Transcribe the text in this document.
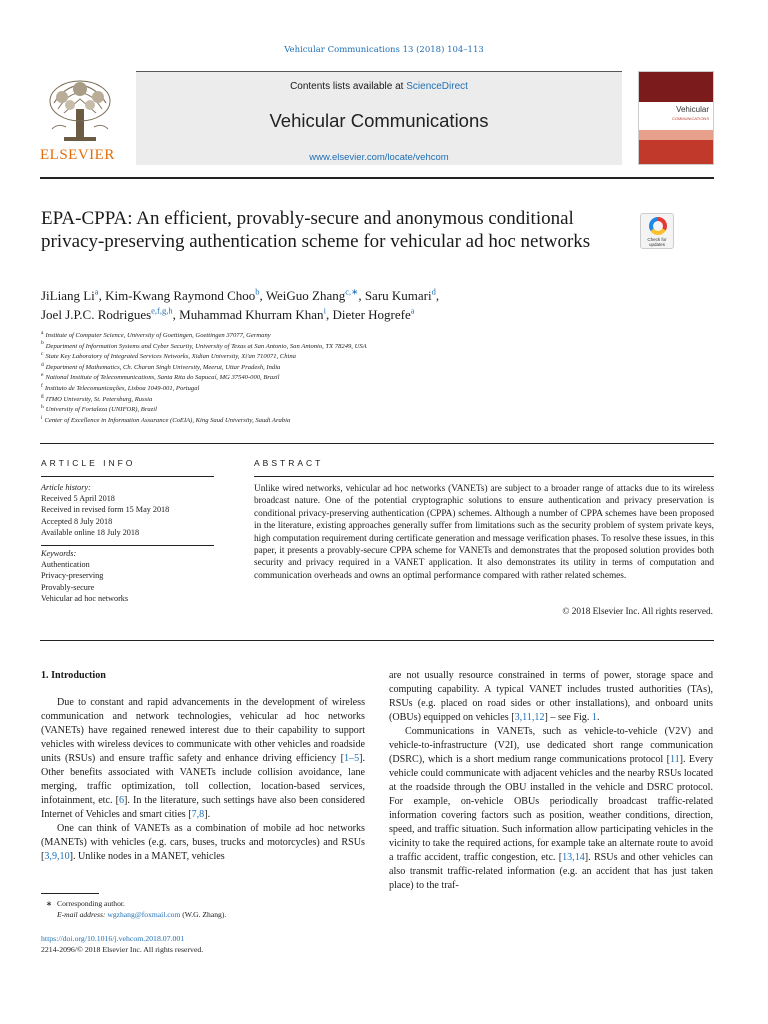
Vehicular Communications 13 (2018) 104–113
ELSEVIER
Contents lists available at ScienceDirect
Vehicular Communications
www.elsevier.com/locate/vehcom
Vehicular
COMMUNICATIONS
EPA-CPPA: An efficient, provably-secure and anonymous conditional privacy-preserving authentication scheme for vehicular ad hoc networks	Check for updates
JiLiang Li$^a$, Kim-Kwang Raymond Choo$^b$, WeiGuo Zhang$^{c,∗}$, Saru Kumari$^d$,
Joel J.P.C. Rodrigues$^{e,f,g,h}$, Muhammad Khurram Khan$^i$, Dieter Hogrefe$^a$
$^a$ Institute of Computer Science, University of Goettingen, Goettingen 37077, Germany
$^b$ Department of Information Systems and Cyber Security, University of Texas at San Antonio, San Antonio, TX 78249, USA
$^c$ State Key Laboratory of Integrated Services Networks, Xidian University, Xi'an 710071, China
$^d$ Department of Mathematics, Ch. Charan Singh University, Meerut, Uttar Pradesh, India
$^e$ National Institute of Telecommunications, Santa Rita do Sapucaí, MG 37540-000, Brazil
$^f$ Instituto de Telecomunicações, Lisboa 1049-001, Portugal
$^g$ ITMO University, St. Petersburg, Russia
$^h$ University of Fortaleza (UNIFOR), Brazil
$^i$ Center of Excellence in Information Assurance (CoEIA), King Saud University, Saudi Arabia
ARTICLE INFO	ABSTRACT
Article history:
Received 5 April 2018
Received in revised form 15 May 2018
Accepted 8 July 2018
Available online 18 July 2018
Keywords:
Authentication
Privacy-preserving
Provably-secure
Vehicular ad hoc networks
Unlike wired networks, vehicular ad hoc networks (VANETs) are subject to a broader range of attacks due to its wireless broadcast nature. One of the potential cryptographic solutions to ensure authentication and privacy preservation is conditional privacy-preserving authentication (CPPA) schemes. Although a number of CPPA schemes have been proposed in the literature, existing approaches generally suffer from limitations such as the security problem of system private keys, high computation requirement during certificate generation and message verification phases. To resolve these issues, in this paper, it presents a provably-secure CPPA scheme for VANETs and demonstrates that the proposed solution provides both security and privacy required in a VANET application. It also demonstrates its utility in terms of computation and communication overheads and owns an optimal performance compared with rather related schemes.
© 2018 Elsevier Inc. All rights reserved.
1. Introduction

Due to constant and rapid advancements in the development of wireless communication and network technologies, vehicular ad hoc networks (VANETs) have regained renewed interest due to their capability to support vehicles with wireless devices to communicate with other vehicles and roadside units (RSUs) and ensure traffic safety and enhance driving efficiency [1–5]. Other benefits associated with VANETs include collision avoidance, lane merging, traffic optimization, toll collection, location-based services, infotainment, etc. [6]. In the literature, such settings have also been considered Internet of Vehicles and smart cities [7,8].

One can think of VANETs as a combination of mobile ad hoc networks (MANETs) with vehicles (e.g. cars, buses, trucks and motorcycles) and RSUs [3,9,10]. Unlike nodes in a MANET, vehicles

are not usually resource constrained in terms of power, storage space and computing capability. A typical VANET includes trusted authorities (TAs), RSUs (e.g. placed on road sides or other installations), and onboard units (OBUs) equipped on vehicles [3,11,12] – see Fig. 1.

Communications in VANETs, such as vehicle-to-vehicle (V2V) and vehicle-to-infrastructure (V2I), use dedicated short range communication (DSRC), which is a short medium range communications protocol [11]. Every vehicle could communicate with adjacent vehicles and the nearby RSUs located at the roadside through the OBU installed in the vehicle and DSRC protocol. For example, on-vehicle OBUs periodically broadcast traffic-related information covering factors such as position, weather conditions, direction, speed, and traffic situation. Such information allow participating vehicles in the vicinity to take the required actions, for example take an alternate route to avoid a traffic accident, traffic congestion, etc. [13,14]. RSUs and other vehicles can also transmit traffic-related information (e.g. an accident that has just taken place) to the traf-

∗ Corresponding author.
E-mail address: wgzhang@foxmail.com (W.G. Zhang).
https://doi.org/10.1016/j.vehcom.2018.07.001
2214-2096/© 2018 Elsevier Inc. All rights reserved.
